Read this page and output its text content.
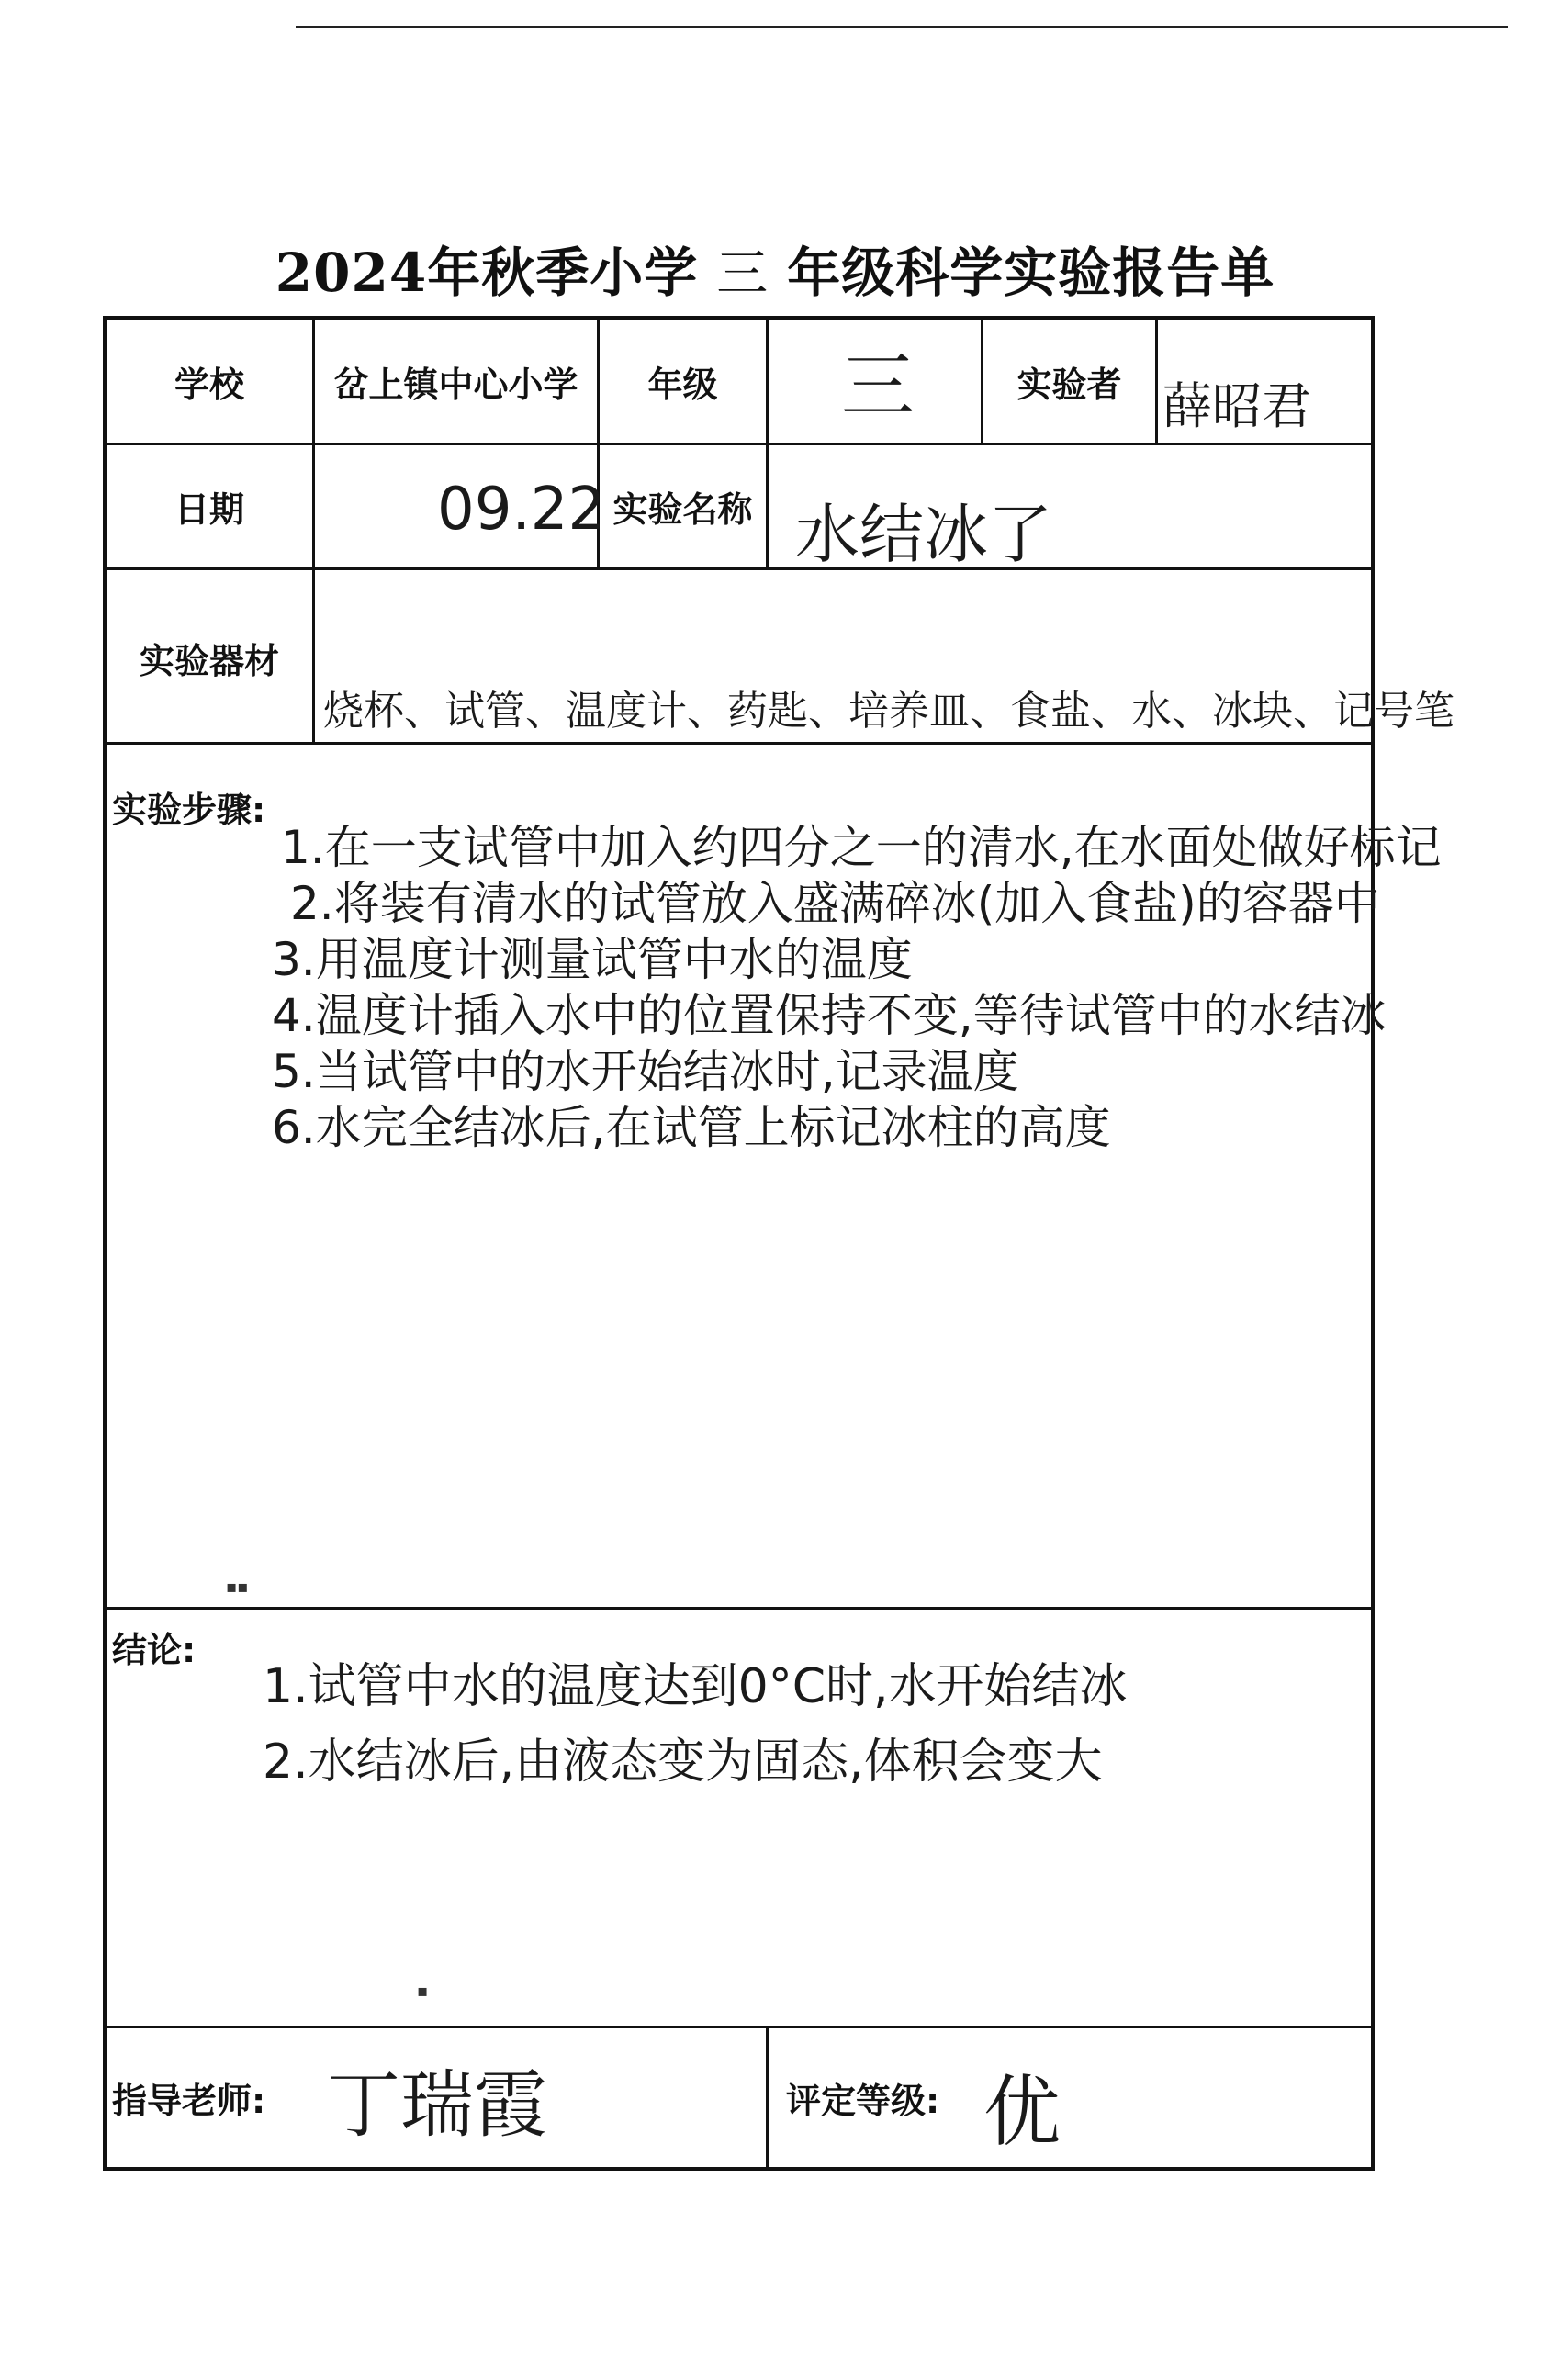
2024年秋季小学 三 年级科学实验报告单
学校	岔上镇中心小学	年级	三	实验者 薛昭君
日期	09.22 实验名称 水结冰了
实验器材
烧杯、试管、温度计、药匙、培养皿、食盐、水、冰块、记号笔
实验步骤:
1.在一支试管中加入约四分之一的清水,在水面处做好标记
2.将装有清水的试管放入盛满碎冰(加入食盐)的容器中
3.用温度计测量试管中水的温度
4.温度计插入水中的位置保持不变,等待试管中的水结冰
5.当试管中的水开始结冰时,记录温度
6.水完全结冰后,在试管上标记冰柱的高度
结论:
1.试管中水的温度达到0°C时,水开始结冰
2.水结冰后,由液态变为固态,体积会变大
指导老师: 丁瑞霞	评定等级: 优
▪▪
▪
